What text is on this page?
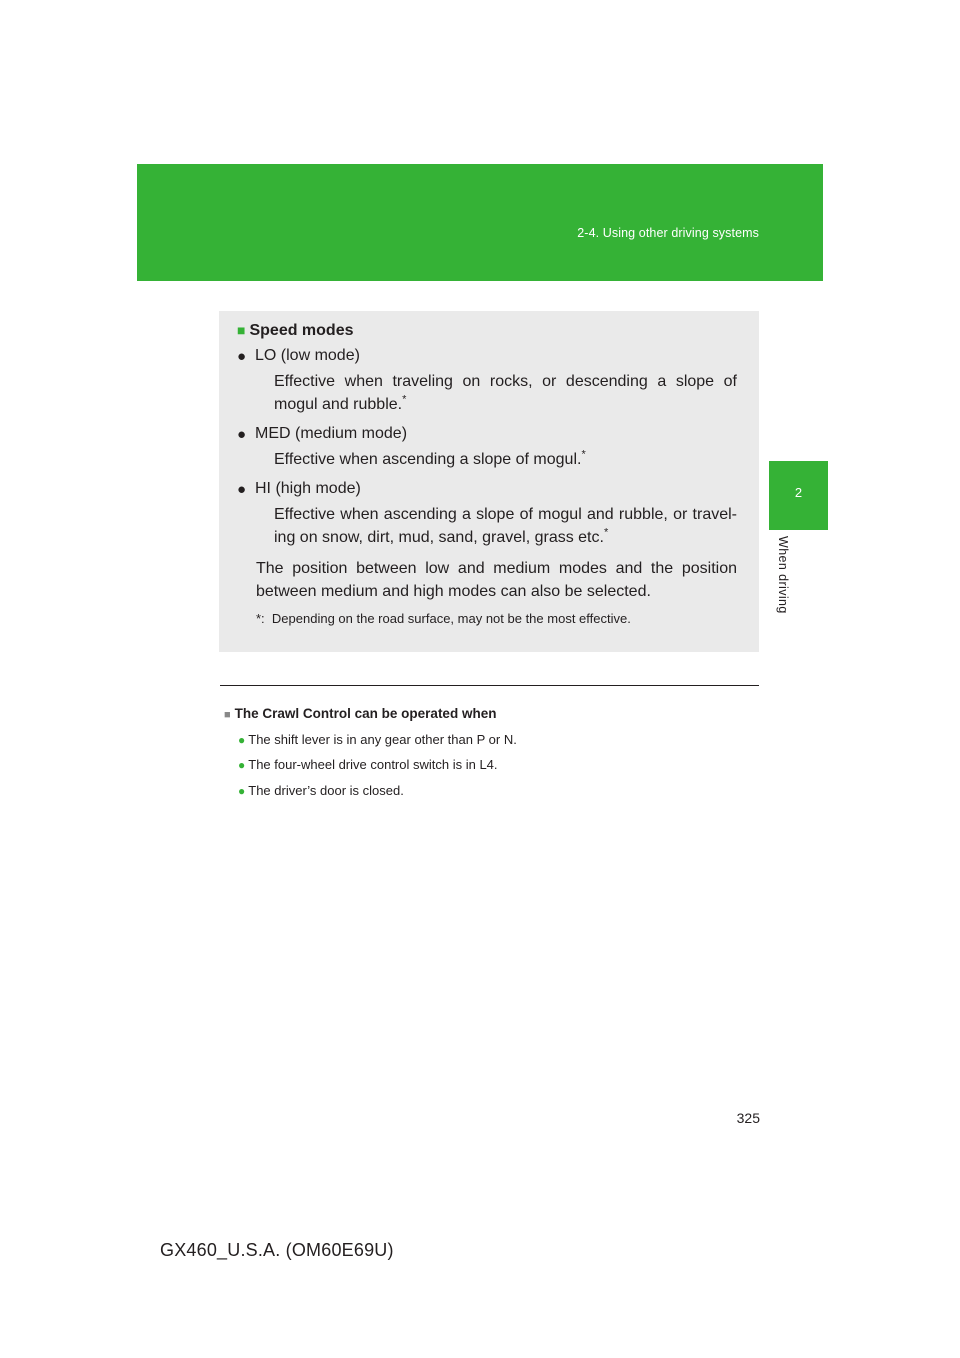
2-4. Using other driving systems
2
When driving
■ Speed modes
● LO (low mode)
Effective when traveling on rocks, or descending a slope of mogul and rubble.*
● MED (medium mode)
Effective when ascending a slope of mogul.*
● HI (high mode)
Effective when ascending a slope of mogul and rubble, or travel-ing on snow, dirt, mud, sand, gravel, grass etc.*
The position between low and medium modes and the position between medium and high modes can also be selected.
*: Depending on the road surface, may not be the most effective.
■ The Crawl Control can be operated when
● The shift lever is in any gear other than P or N.
● The four-wheel drive control switch is in L4.
● The driver’s door is closed.
325
GX460_U.S.A. (OM60E69U)
